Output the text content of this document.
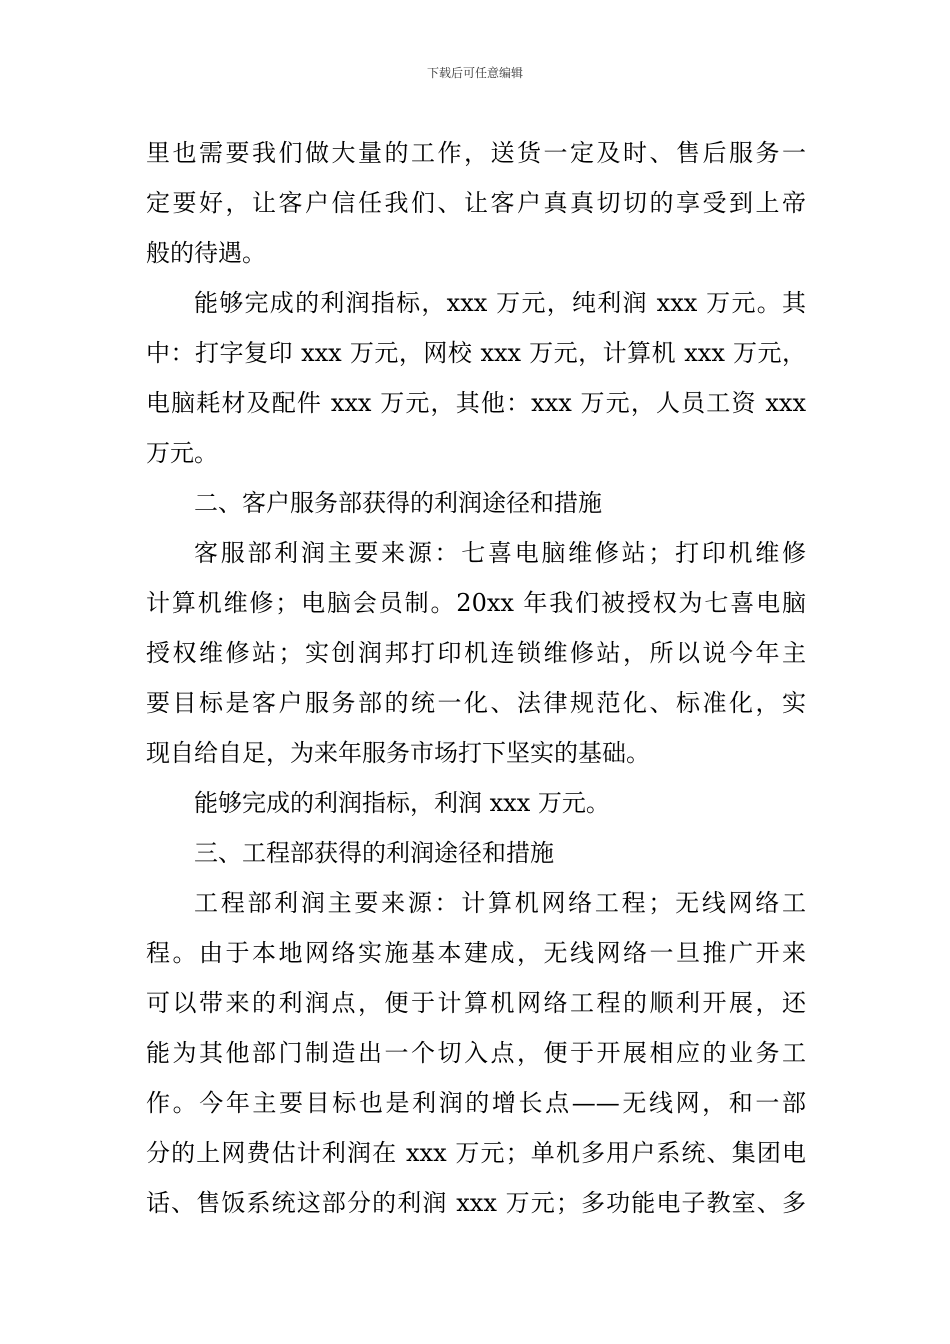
下载后可任意编辑
里也需要我们做大量的工作，送货一定及时、售后服务一
定要好，让客户信任我们、让客户真真切切的享受到上帝
般的待遇。
能够完成的利润指标，xxx 万元，纯利润 xxx 万元。其
中：打字复印 xxx 万元，网校 xxx 万元，计算机 xxx 万元，
电脑耗材及配件 xxx 万元，其他：xxx 万元，人员工资 xxx
万元。
二、客户服务部获得的利润途径和措施
客服部利润主要来源：七喜电脑维修站；打印机维修
计算机维修；电脑会员制。20xx 年我们被授权为七喜电脑
授权维修站；实创润邦打印机连锁维修站，所以说今年主
要目标是客户服务部的统一化、法律规范化、标准化，实
现自给自足，为来年服务市场打下坚实的基础。
能够完成的利润指标，利润 xxx 万元。
三、工程部获得的利润途径和措施
工程部利润主要来源：计算机网络工程；无线网络工
程。由于本地网络实施基本建成，无线网络一旦推广开来
可以带来的利润点，便于计算机网络工程的顺利开展，还
能为其他部门制造出一个切入点，便于开展相应的业务工
作。今年主要目标也是利润的增长点——无线网，和一部
分的上网费估计利润在 xxx 万元；单机多用户系统、集团电
话、售饭系统这部分的利润 xxx 万元；多功能电子教室、多
